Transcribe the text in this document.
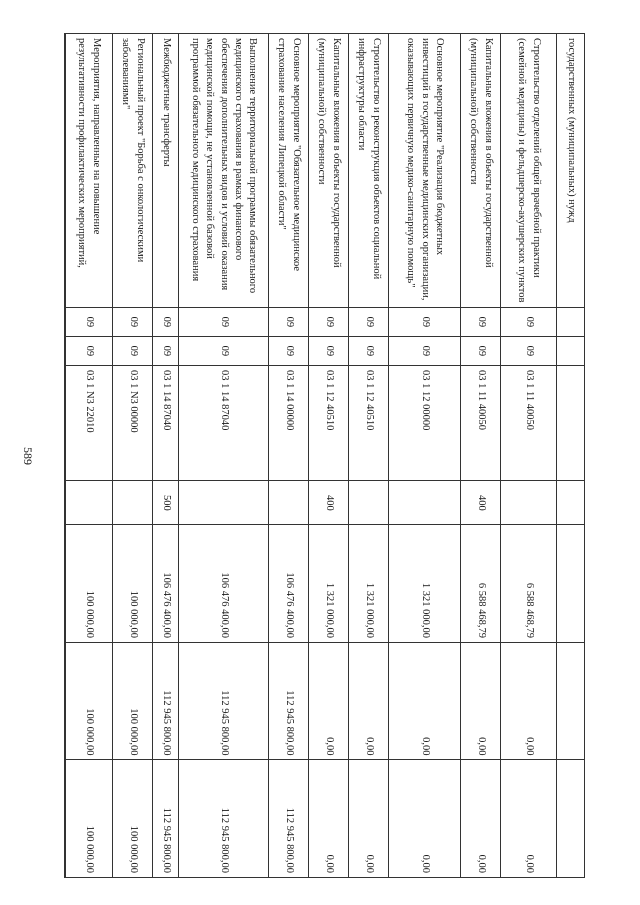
589
государственных (муниципальных) нужд							
Строительство отделений общей врачебной практики (семейной медицины) и фельдшерско-акушерских пунктов	09	09	03 1 11 40050		6 588 468,79	0,00	0,00
Капитальные вложения в объекты государственной (муниципальной) собственности	09	09	03 1 11 40050	400	6 588 468,79	0,00	0,00
Основное мероприятие "Реализация бюджетных инвестиций в государственные медицинских организации, оказывающих первичную медико-санитарную помощь"	09	09	03 1 12 00000		1 321 000,00	0,00	0,00
Строительство и реконструкция объектов социальной инфраструктуры области	09	09	03 1 12 40510		1 321 000,00	0,00	0,00
Капитальные вложения в объекты государственной (муниципальной) собственности	09	09	03 1 12 40510	400	1 321 000,00	0,00	0,00
Основное мероприятие "Обязательное медицинское страхование населения Липецкой области"	09	09	03 1 14 00000		106 476 400,00	112 945 800,00	112 945 800,00
Выполнение территориальной программы обязательного медицинского страхования в рамках финансового обеспечения дополнительных видов и условий оказания медицинской помощи, не установленной базовой программой обязательного медицинского страхования	09	09	03 1 14 87040		106 476 400,00	112 945 800,00	112 945 800,00
Межбюджетные трансферты	09	09	03 1 14 87040	500	106 476 400,00	112 945 800,00	112 945 800,00
Региональный проект "Борьба с онкологическими заболеваниями"	09	09	03 1 N3 00000		100 000,00	100 000,00	100 000,00
Мероприятия, направленные на повышение результативности профилактических мероприятий,	09	09	03 1 N3 22010		100 000,00	100 000,00	100 000,00
